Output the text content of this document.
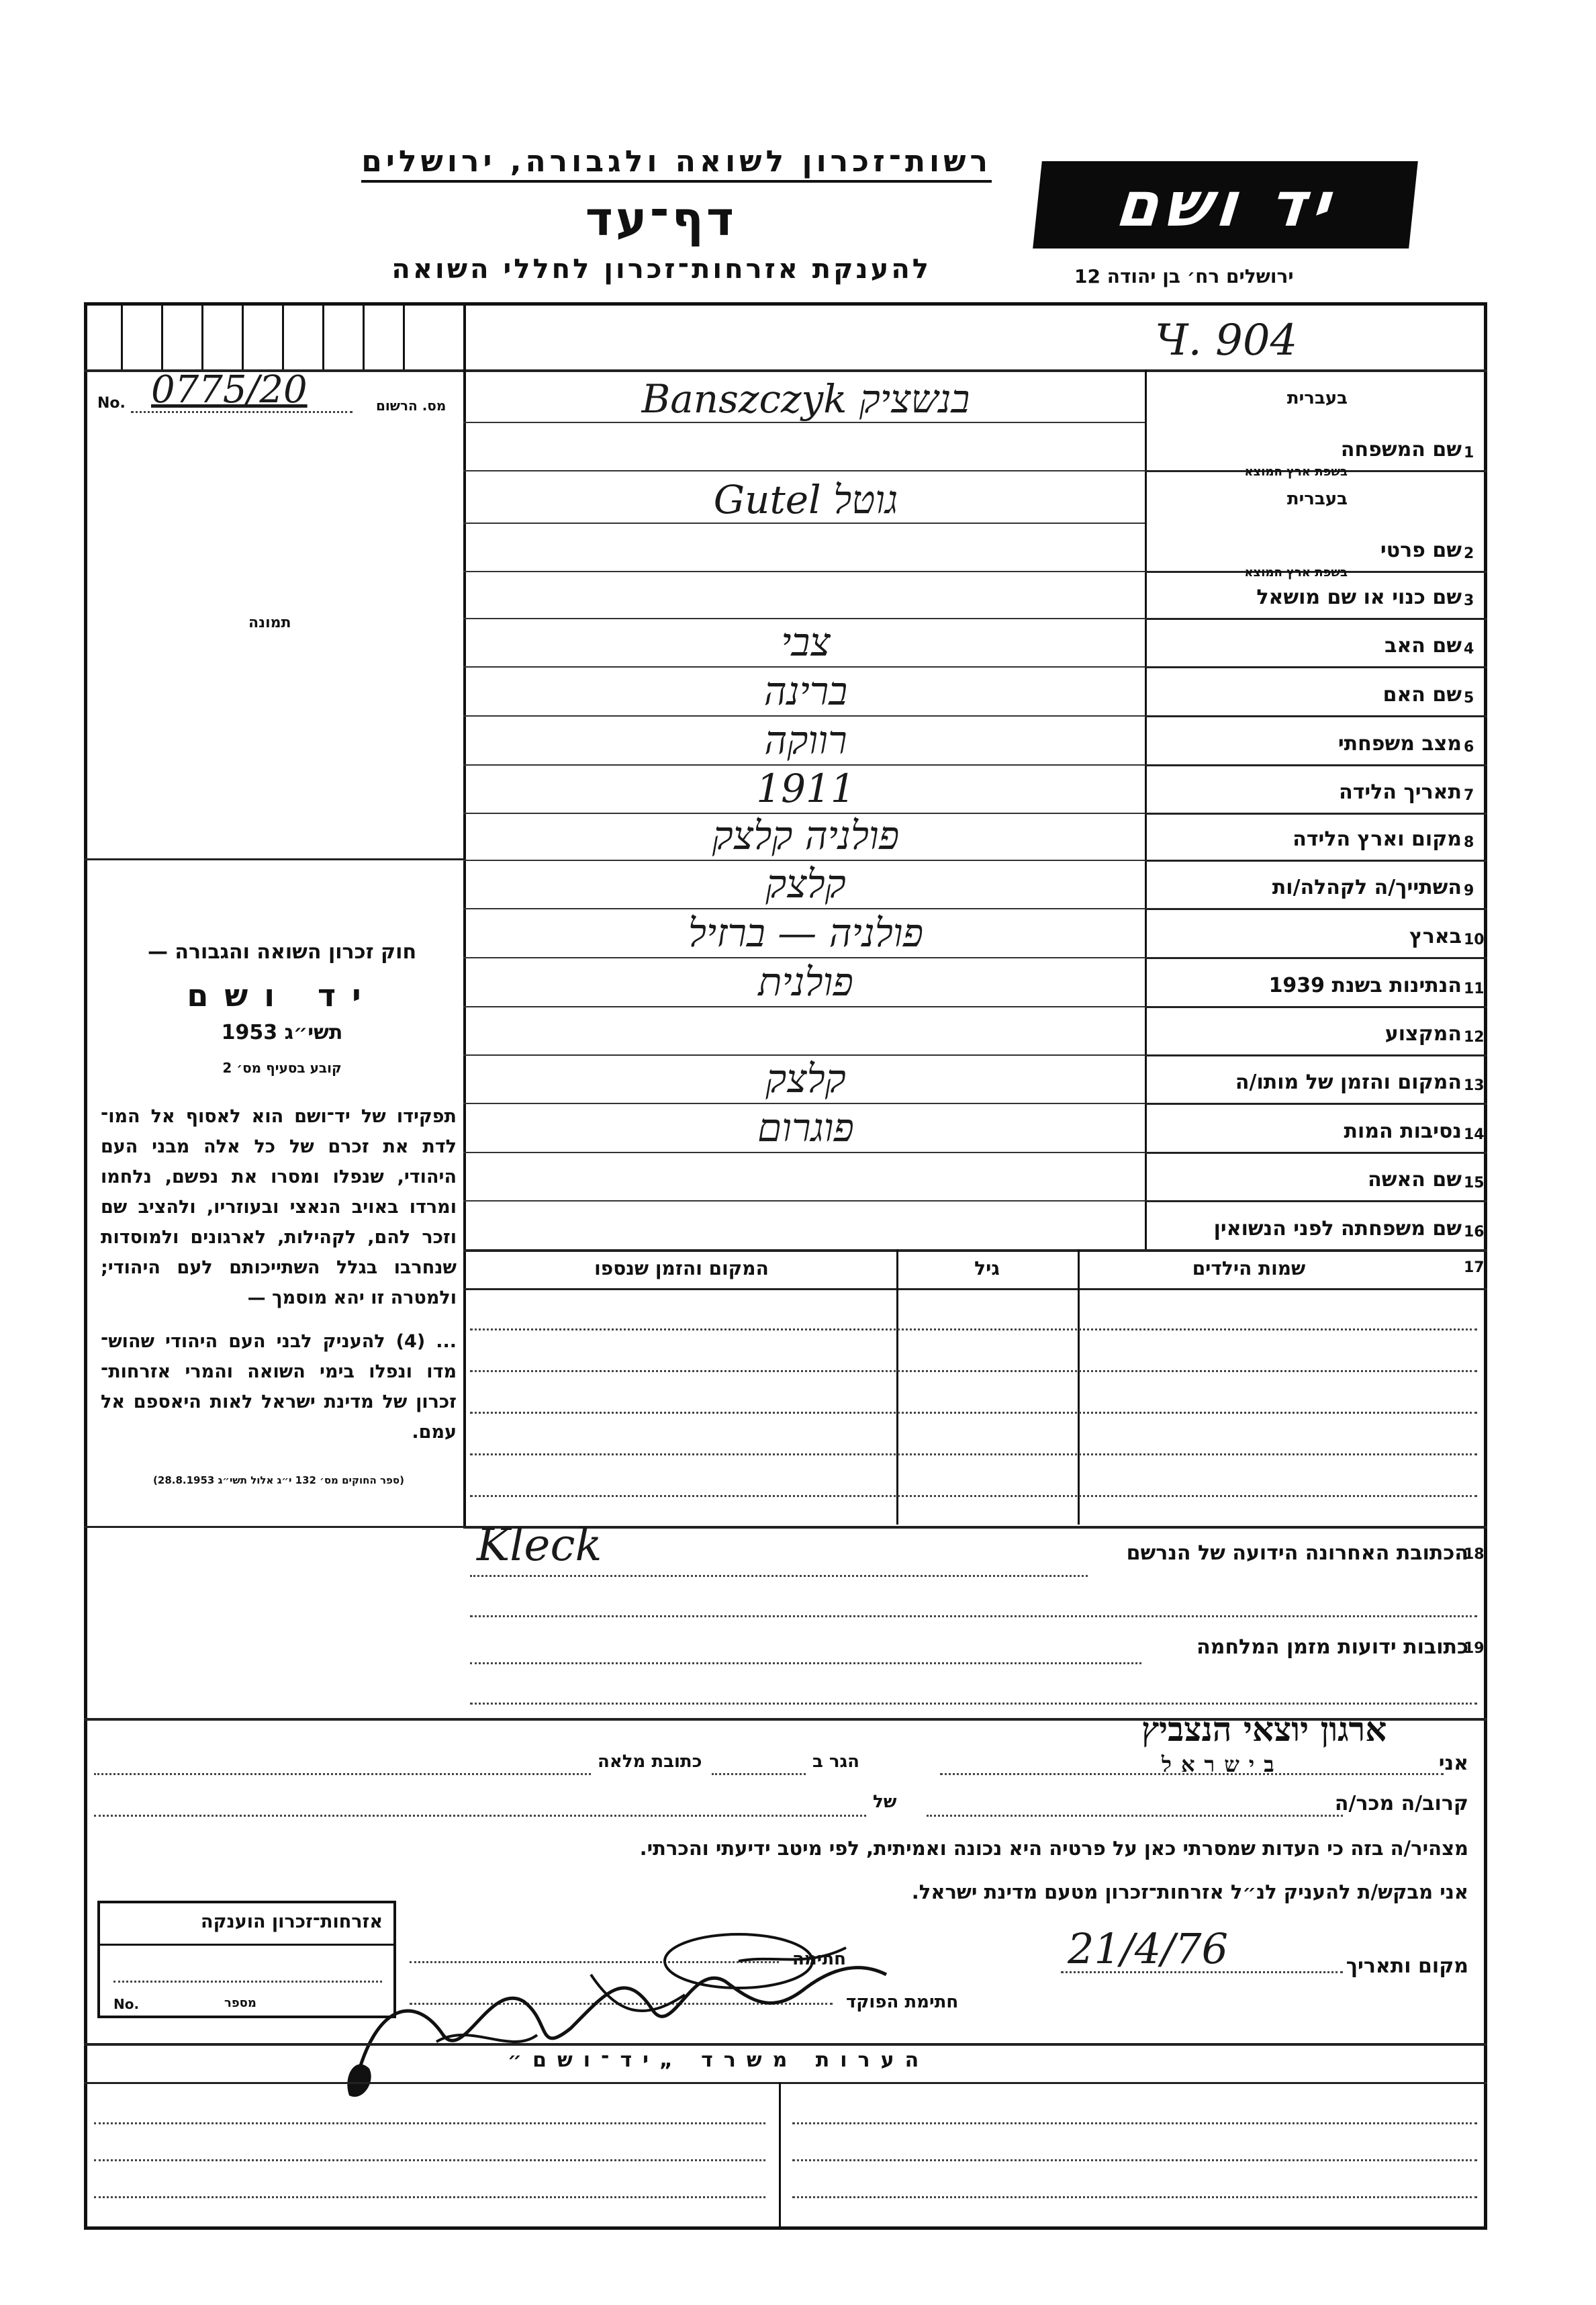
רשות־זכרון לשואה ולגבורה, ירושלים
דף־עד
להענקת אזרחות־זכרון לחללי השואה
יד ושם
ירושלים רח׳ בן יהודה 12
Ч. 904
No. 0775/20	מס. הרשום
תמונה
חוק זכרון השואה והגבורה —
יד ושם
תשי״ג 1953
קובע בסעיף מס׳ 2
תפקידו של יד־ושם הוא לאסוף אל המו־ לדת את זכרם של כל אלה מבני העם היהודי, שנפלו ומסרו את נפשם, נלחמו ומרדו באויב הנאצי ובעוזריו, ולהציב שם וזכר להם, לקהילות, לארגונים ולמוסדות שנחרבו בגלל השתייכותם לעם היהודי; ולמטרה זו יהא מוסמך —
... (4) להעניק לבני העם היהודי שהוש־ מדו ונפלו בימי השואה והמרי אזרחות־ זכרון של מדינת ישראל לאות היאספם אל עמם.
(ספר החוקים מס׳ 132 י״ג אלול תשי״ג 28.8.1953)
1
שם המשפחה
בעברית
בשפת ארץ המוצא
Banszczyk בנשציק
2
שם פרטי
בעברית
בשפת ארץ המוצא
Gutel גוטל
3
שם כנוי או שם מושאל
4
שם האב
צבי
5
שם האם
ברינה
6
מצב משפחתי
רווקה
7
תאריך הלידה
1911
8
מקום וארץ הלידה
פולניה קלצק
9
השתייך/ה לקהלה/ות
קלצק
10
בארץ
פולניה — ברזיל
11
הנתינות בשנת 1939
פולנית
12
המקצוע
13
המקום והזמן של מותו/ה
קלצק
14
נסיבות המות
פוגרום
15
שם האשה
16
שם משפחתה לפני הנשואין
17
שמות הילדים
גיל
המקום והזמן שנספו
Kleck	הכתובת האחרונה הידועה של הנרשם
18
כתובות ידועות מזמן המלחמה
19
אני
ארגון יוצאי הנצביץ
בישראל
הגר ב
כתובת מלאה
קרוב/ה מכר/ה
של
מצהיר/ה בזה כי העדות שמסרתי כאן על פרטיה היא נכונה ואמיתית, לפי מיטב ידיעתי והכרתי.
אני מבקש/ת להעניק לנ״ל אזרחות־זכרון מטעם מדינת ישראל.
אזרחות־זכרון הוענקה
No.	מספר
21/4/76	מקום ותאריך
חתימה
חתימת הפוקד
הערות משרד „יד־ושם״
